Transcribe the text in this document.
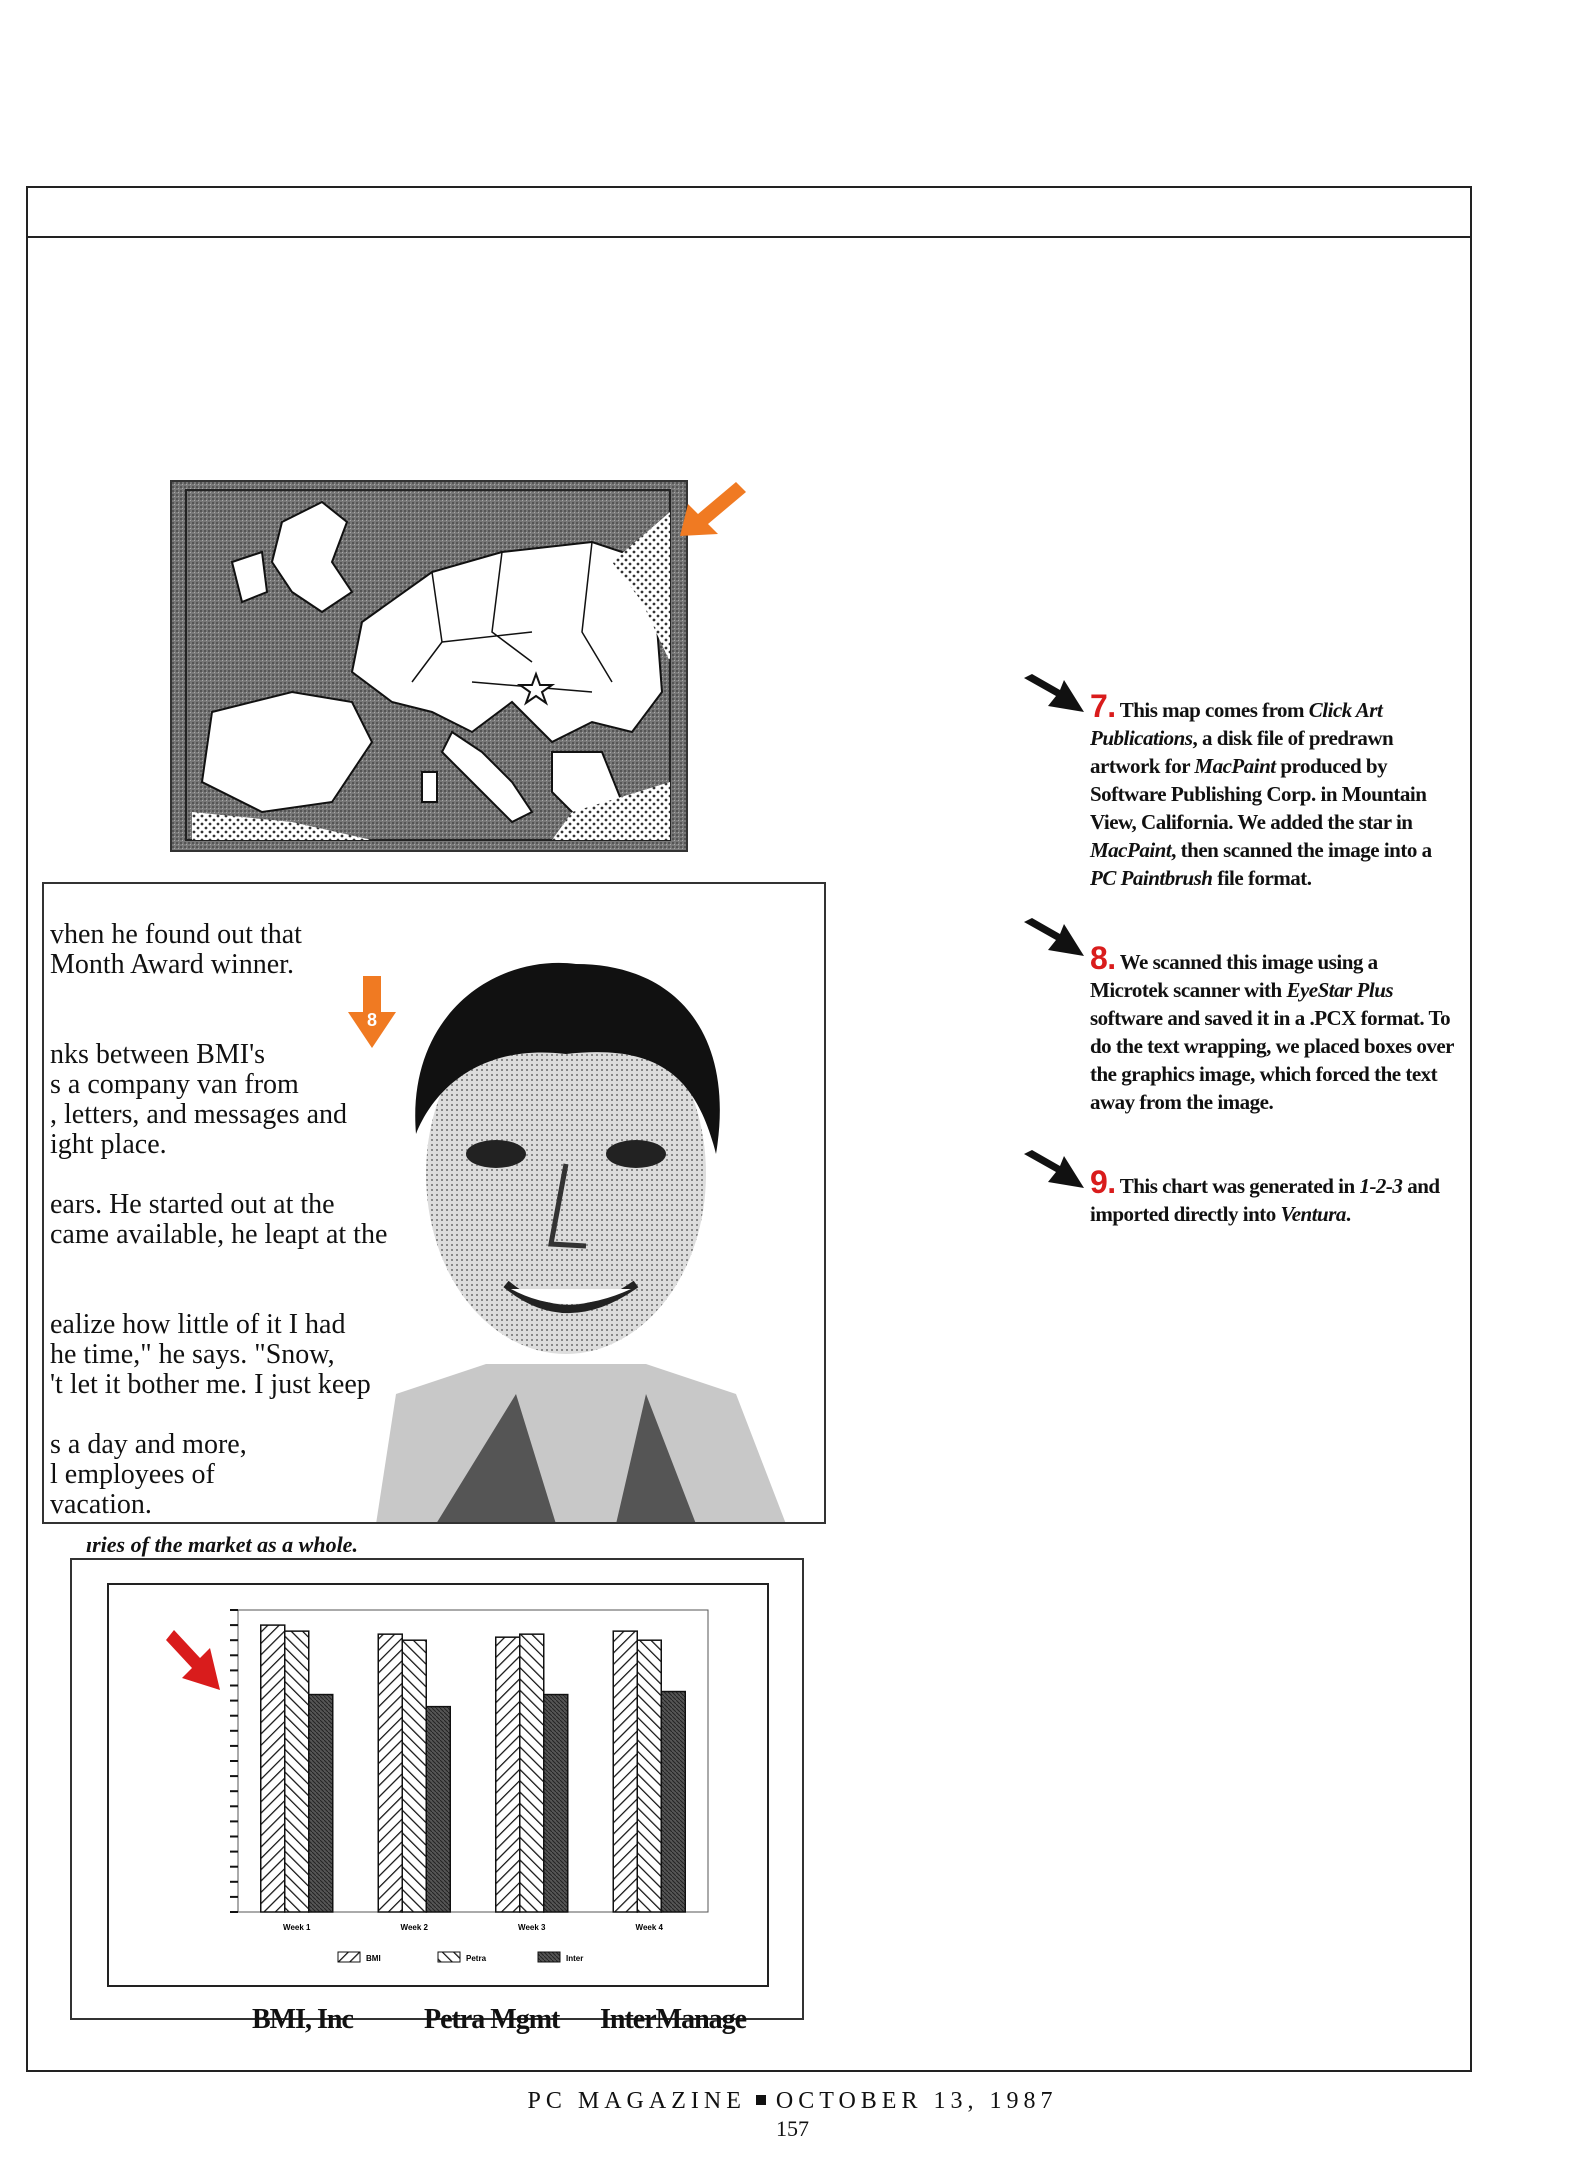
vhen he found out that
Month Award winner.
nks between BMI's
s a company van from
, letters, and messages and
ight place.
ears. He started out at the
came available, he leapt at the
ealize how little of it I had
he time," he says. "Snow,
't let it bother me. I just keep
s a day and more,
l employees of
vacation.
8
ıries of the market as a whole.
Week 1	Week 2	Week 3	Week 4
BMI	Petra	Inter
BMI, Inc	Petra Mgmt InterManage
7. This map comes from Click Art Publications, a disk file of predrawn artwork for MacPaint produced by Software Publishing Corp. in Mountain View, California. We added the star in MacPaint, then scanned the image into a PC Paintbrush file format.
8. We scanned this image using a Microtek scanner with EyeStar Plus software and saved it in a .PCX format. To do the text wrapping, we placed boxes over the graphics image, which forced the text away from the image.
9. This chart was generated in 1-2-3 and imported directly into Ventura.
PC MAGAZINE OCTOBER 13, 1987
157
